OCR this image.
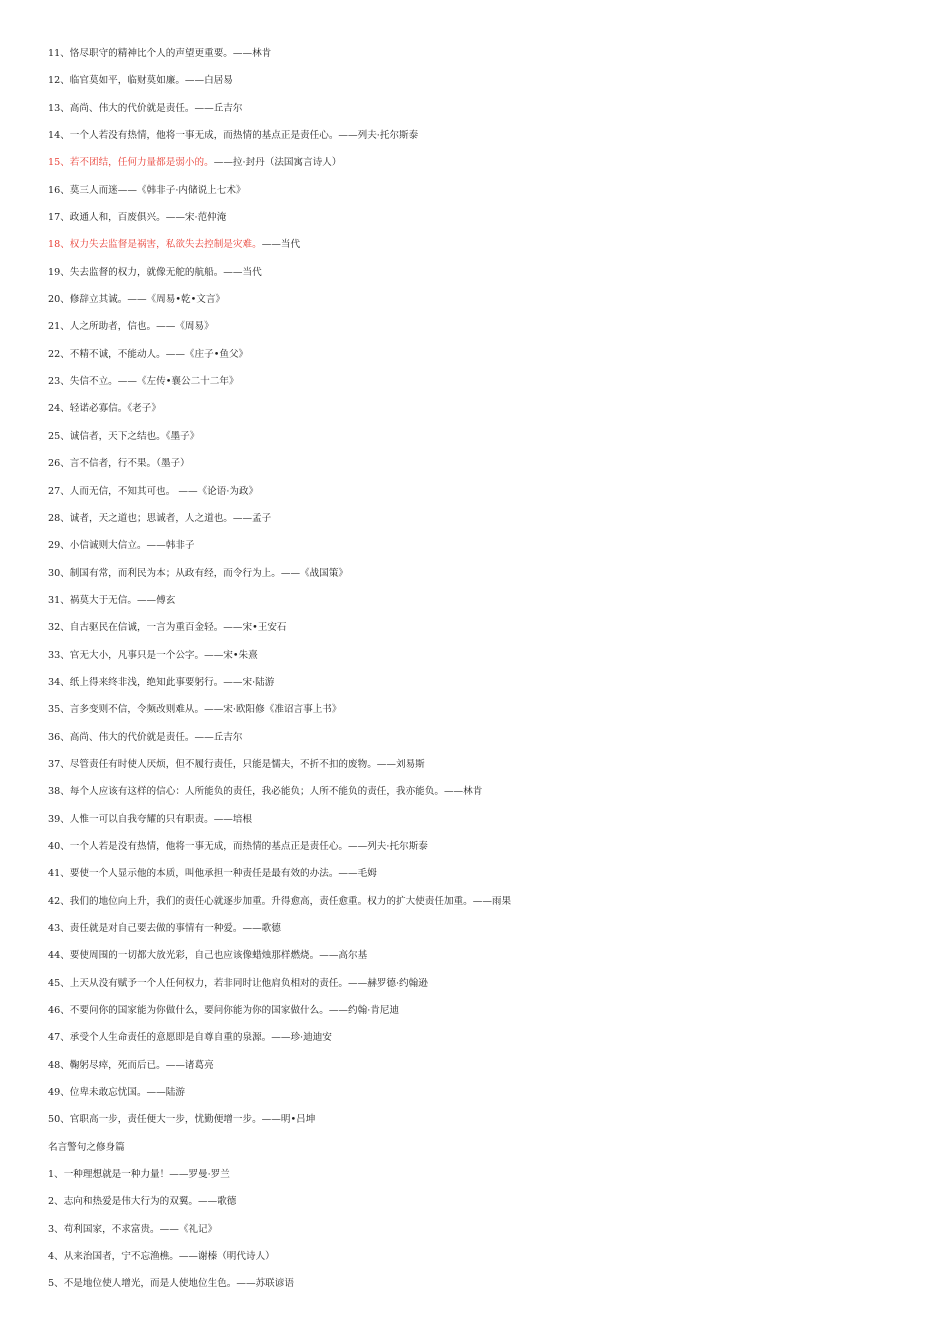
11、恪尽职守的精神比个人的声望更重要。——林肯
12、临官莫如平，临财莫如廉。——白居易
13、高尚、伟大的代价就是责任。——丘吉尔
14、一个人若没有热情，他将一事无成，而热情的基点正是责任心。——列夫·托尔斯泰
15、若不团结，任何力量都是弱小的。——拉·封丹（法国寓言诗人）
16、莫三人而迷——《韩非子·内储说上七术》
17、政通人和，百废俱兴。——宋·范仲淹
18、权力失去监督是祸害，私欲失去控制是灾难。——当代
19、失去监督的权力，就像无舵的航船。——当代
20、修辞立其诚。——《周易•乾•文言》
21、人之所助者，信也。——《周易》
22、不精不诚，不能动人。——《庄子•鱼父》
23、失信不立。——《左传•襄公二十二年》
24、轻诺必寡信。《老子》
25、诚信者，天下之结也。《墨子》
26、言不信者，行不果。（墨子）
27、人而无信，不知其可也。 ——《论语·为政》
28、诚者，天之道也；思诚者，人之道也。——孟子
29、小信诚则大信立。——韩非子
30、制国有常，而利民为本；从政有经，而令行为上。——《战国策》
31、祸莫大于无信。——傅玄
32、自古驱民在信诚，一言为重百金轻。——宋•王安石
33、官无大小，凡事只是一个公字。——宋•朱熹
34、纸上得来终非浅，绝知此事要躬行。——宋·陆游
35、言多变则不信，令频改则难从。——宋·欧阳修《准诏言事上书》
36、高尚、伟大的代价就是责任。——丘吉尔
37、尽管责任有时使人厌烦，但不履行责任，只能是懦夫，不折不扣的废物。——刘易斯
38、每个人应该有这样的信心：人所能负的责任，我必能负；人所不能负的责任，我亦能负。——林肯
39、人惟一可以自我夸耀的只有职责。——培根
40、一个人若是没有热情，他将一事无成，而热情的基点正是责任心。——列夫·托尔斯泰
41、要使一个人显示他的本质，叫他承担一种责任是最有效的办法。——毛姆
42、我们的地位向上升，我们的责任心就逐步加重。升得愈高，责任愈重。权力的扩大使责任加重。——雨果
43、责任就是对自己要去做的事情有一种爱。——歌德
44、要使周围的一切都大放光彩，自己也应该像蜡烛那样燃烧。——高尔基
45、上天从没有赋予一个人任何权力，若非同时让他肩负相对的责任。——赫罗德·约翰逊
46、不要问你的国家能为你做什么，要问你能为你的国家做什么。——约翰·肯尼迪
47、承受个人生命责任的意愿即是自尊自重的泉源。——珍·迪迪安
48、鞠躬尽瘁，死而后已。——诸葛亮
49、位卑未敢忘忧国。——陆游
50、官职高一步，责任便大一步，忧勤便增一步。——明•吕坤
名言警句之修身篇
1、一种理想就是一种力量！——罗曼·罗兰
2、志向和热爱是伟大行为的双翼。——歌德
3、苟利国家，不求富贵。——《礼记》
4、从来治国者，宁不忘渔樵。——谢榛（明代诗人）
5、不是地位使人增光，而是人使地位生色。——苏联谚语
